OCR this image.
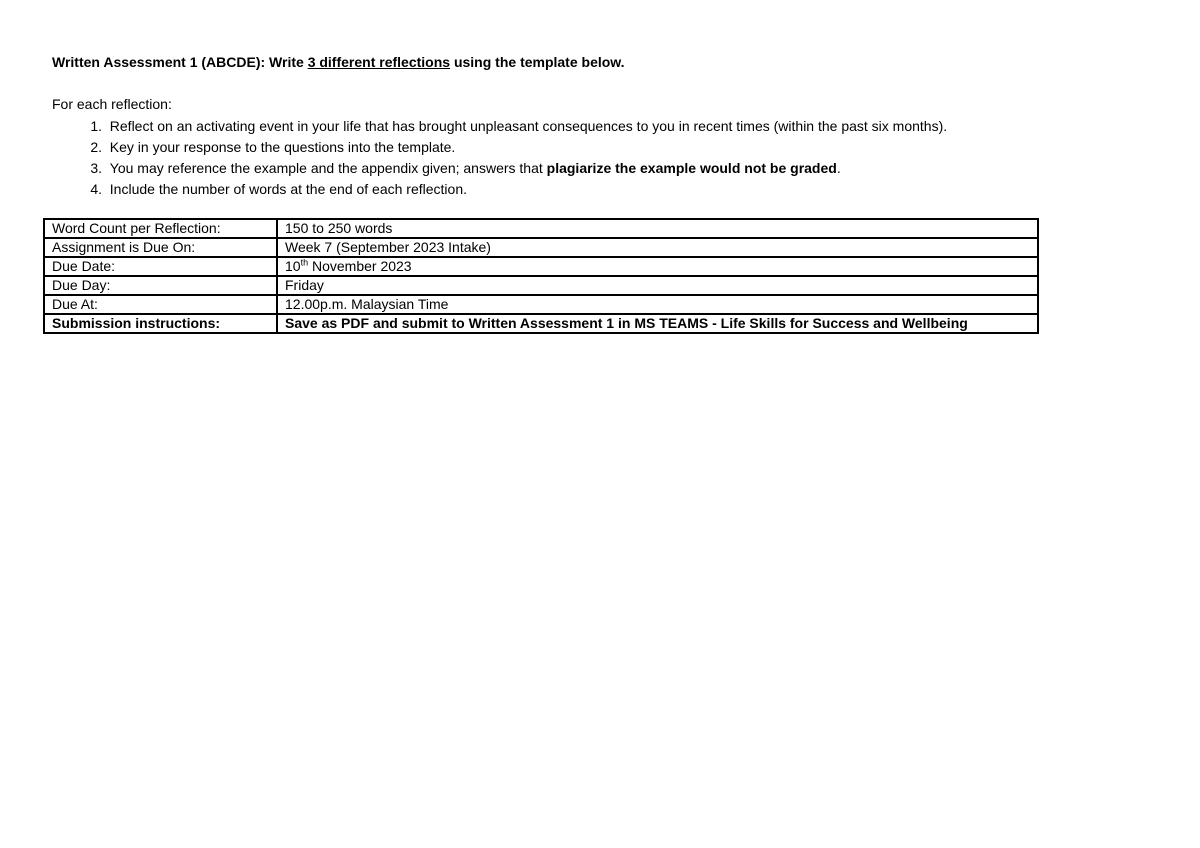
Written Assessment 1 (ABCDE): Write 3 different reflections using the template below.
For each reflection:
1.
Reflect on an activating event in your life that has brought unpleasant consequences to you in recent times (within the past six months).
2.
Key in your response to the questions into the template.
3.
You may reference the example and the appendix given; answers that plagiarize the example would not be graded.
4.
Include the number of words at the end of each reflection.
Word Count per Reflection:	150 to 250 words
Assignment is Due On:	Week 7 (September 2023 Intake)
Due Date:	10th November 2023
Due Day:	Friday
Due At:	12.00p.m. Malaysian Time
Submission instructions:	Save as PDF and submit to Written Assessment 1 in MS TEAMS - Life Skills for Success and Wellbeing
